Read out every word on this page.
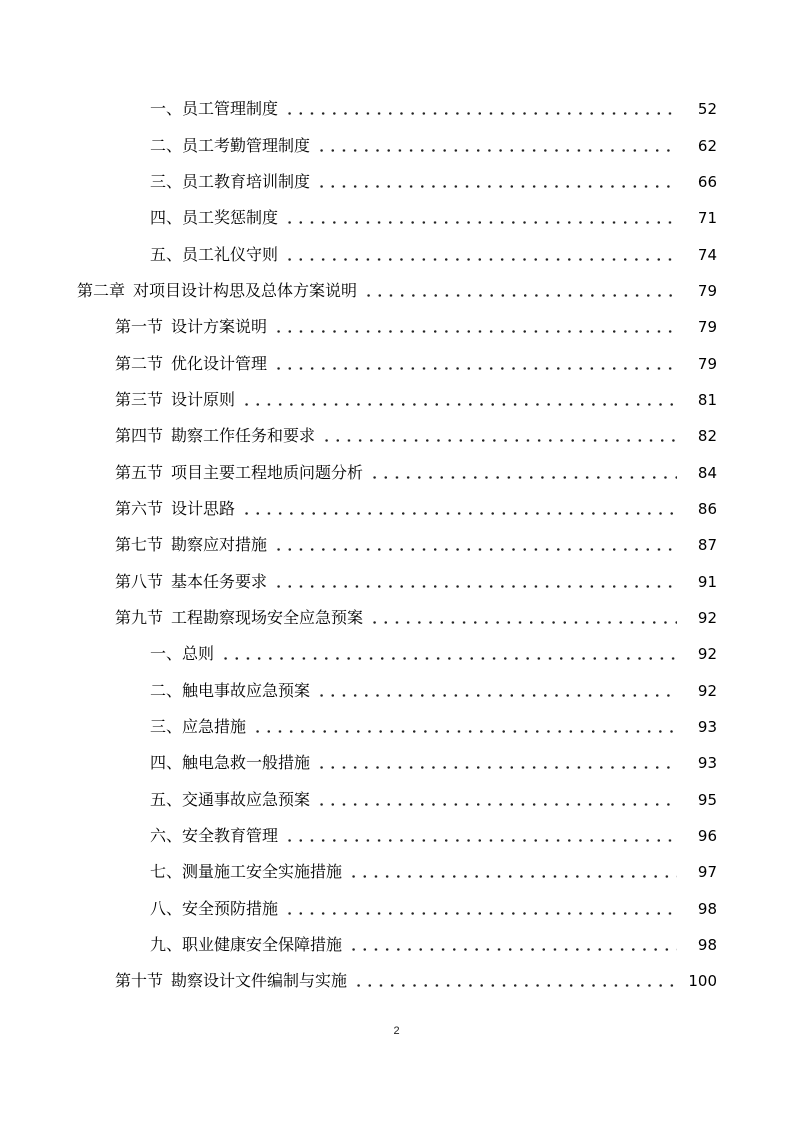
一、 员工管理制度	52
二、 员工考勤管理制度	62
三、 员工教育培训制度	66
四、 员工奖惩制度	71
五、 员工礼仪守则	74
第二章 对项目设计构思及总体方案说明	79
第一节 设计方案说明	79
第二节 优化设计管理	79
第三节 设计原则	81
第四节 勘察工作任务和要求	82
第五节 项目主要工程地质问题分析	84
第六节 设计思路	86
第七节 勘察应对措施	87
第八节 基本任务要求	91
第九节 工程勘察现场安全应急预案	92
一、 总则	92
二、 触电事故应急预案	92
三、 应急措施	93
四、 触电急救一般措施	93
五、 交通事故应急预案	95
六、 安全教育管理	96
七、 测量施工安全实施措施	97
八、 安全预防措施	98
九、 职业健康安全保障措施	98
第十节 勘察设计文件编制与实施	100
2
